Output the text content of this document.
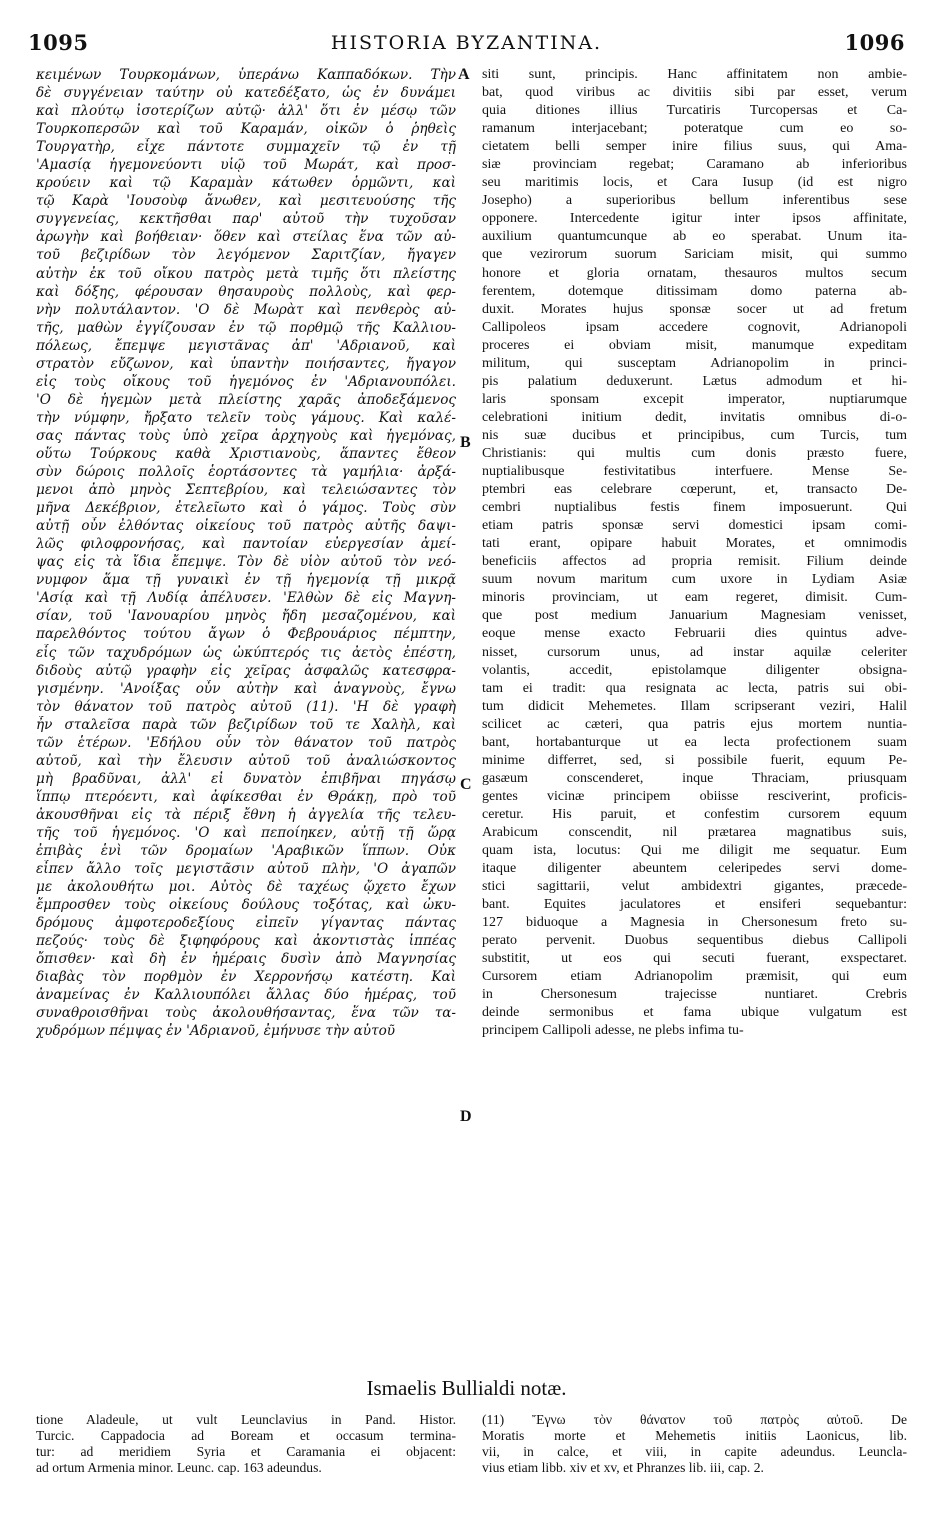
1095	HISTORIA BYZANTINA.	1096
κειμένων Τουρκομάνων, ὑπεράνω Καππαδόκων. Τὴν
δὲ συγγένειαν ταύτην οὐ κατεδέξατο, ὡς ἐν δυνάμει
καὶ πλούτῳ ἰσοτερίζων αὐτῷ· ἀλλ' ὅτι ἐν μέσῳ τῶν
Τουρκοπερσῶν καὶ τοῦ Καραμάν, οἰκῶν ὁ ῥηθεὶς
Τουργατὴρ, εἶχε πάντοτε συμμαχεῖν τῷ ἐν τῇ
'Αμασίᾳ ἡγεμονεύοντι υἱῷ τοῦ Μωράτ, καὶ προσ-
κρούειν καὶ τῷ Καραμὰν κάτωθεν ὁρμῶντι, καὶ
τῷ Καρὰ 'Ιουσοὺφ ἄνωθεν, καὶ μεσιτευούσης τῆς
συγγενείας, κεκτῆσθαι παρ' αὐτοῦ τὴν τυχοῦσαν
ἀρωγὴν καὶ βοήθειαν· ὅθεν καὶ στείλας ἕνα τῶν αὐ-
τοῦ βεζιρίδων τὸν λεγόμενον Σαριτζίαν, ἤγαγεν
αὐτὴν ἐκ τοῦ οἴκου πατρὸς μετὰ τιμῆς ὅτι πλείστης
καὶ δόξης, φέρουσαν θησαυροὺς πολλοὺς, καὶ φερ-
νὴν πολυτάλαντον. 'Ο δὲ Μωρὰτ καὶ πενθερὸς αὐ-
τῆς, μαθὼν ἐγγίζουσαν ἐν τῷ πορθμῷ τῆς Καλλιου-
πόλεως, ἔπεμψε μεγιστᾶνας ἀπ' 'Αδριανοῦ, καὶ
στρατὸν εὔζωνον, καὶ ὑπαντὴν ποιήσαντες, ἤγαγον
εἰς τοὺς οἴκους τοῦ ἡγεμόνος ἐν 'Αδριανουπόλει.
'Ο δὲ ἡγεμὼν μετὰ πλείστης χαρᾶς ἀποδεξάμενος
τὴν νύμφην, ἤρξατο τελεῖν τοὺς γάμους. Καὶ καλέ-
σας πάντας τοὺς ὑπὸ χεῖρα ἀρχηγοὺς καὶ ἡγεμόνας,
οὕτω Τούρκους καθὰ Χριστιανοὺς, ἅπαντες ἔθεον
σὺν δώροις πολλοῖς ἑορτάσοντες τὰ γαμήλια· ἀρξά-
μενοι ἀπὸ μηνὸς Σεπτεβρίου, καὶ τελειώσαντες τὸν
μῆνα Δεκέβριον, ἐτελεῖωτο καὶ ὁ γάμος. Τοὺς σὺν
αὐτῇ οὖν ἐλθόντας οἰκείους τοῦ πατρὸς αὐτῆς δαψι-
λῶς φιλοφρονήσας, καὶ παντοίαν εὐεργεσίαν ἀμεί-
ψας εἰς τὰ ἴδια ἔπεμψε. Τὸν δὲ υἱὸν αὐτοῦ τὸν νεό-
νυμφον ἅμα τῇ γυναικὶ ἐν τῇ ἡγεμονίᾳ τῇ μικρᾷ
'Ασίᾳ καὶ τῇ Λυδίᾳ ἀπέλυσεν. 'Ελθὼν δὲ εἰς Μαγνη-
σίαν, τοῦ 'Ιανουαρίου μηνὸς ἤδη μεσαζομένου, καὶ
παρελθόντος τούτου ἄγων ὁ Φεβρουάριος πέμπτην,
εἷς τῶν ταχυδρόμων ὡς ὠκύπτερός τις ἀετὸς ἐπέστη,
διδοὺς αὐτῷ γραφὴν εἰς χεῖρας ἀσφαλῶς κατεσφρα-
γισμένην. 'Ανοίξας οὖν αὐτὴν καὶ ἀναγνοὺς, ἔγνω
τὸν θάνατον τοῦ πατρὸς αὐτοῦ (11). 'Η δὲ γραφὴ
ἦν σταλεῖσα παρὰ τῶν βεζιρίδων τοῦ τε Χαλὴλ, καὶ
τῶν ἑτέρων. 'Εδήλου οὖν τὸν θάνατον τοῦ πατρὸς
αὐτοῦ, καὶ τὴν ἔλευσιν αὐτοῦ τοῦ ἀναλιώσκοντος
μὴ βραδῦναι, ἀλλ' εἰ δυνατὸν ἐπιβῆναι πηγάσῳ
ἵππῳ πτερόεντι, καὶ ἀφίκεσθαι ἐν Θράκῃ, πρὸ τοῦ
ἀκουσθῆναι εἰς τὰ πέριξ ἔθνη ἡ ἀγγελία τῆς τελευ-
τῆς τοῦ ἡγεμόνος. 'Ο καὶ πεποίηκεν, αὐτῇ τῇ ὥρᾳ
ἐπιβὰς ἑνὶ τῶν δρομαίων 'Αραβικῶν ἵππων. Οὐκ
εἶπεν ἄλλο τοῖς μεγιστᾶσιν αὐτοῦ πλὴν, 'Ο ἀγαπῶν
με ἀκολουθήτω μοι. Αὐτὸς δὲ ταχέως ᾤχετο ἔχων
ἔμπροσθεν τοὺς οἰκείους δούλους τοξότας, καὶ ὠκυ-
δρόμους ἀμφοτεροδεξίους εἰπεῖν γίγαντας πάντας
πεζούς· τοὺς δὲ ξιφηφόρους καὶ ἀκοντιστὰς ἱππέας
ὄπισθεν· καὶ δὴ ἐν ἡμέραις δυσὶν ἀπὸ Μαγνησίας
διαβὰς τὸν πορθμὸν ἐν Χερρονήσῳ κατέστη. Καὶ
ἀναμείνας ἐν Καλλιουπόλει ἄλλας δύο ἡμέρας, τοῦ
συναθροισθῆναι τοὺς ἀκολουθήσαντας, ἕνα τῶν τα-
χυδρόμων πέμψας ἐν 'Αδριανοῦ, ἐμήνυσε τὴν αὐτοῦ
siti sunt, principis. Hanc affinitatem non ambie-
bat, quod viribus ac divitiis sibi par esset, verum
quia ditiones illius Turcatiris Turcopersas et Ca-
ramanum interjacebant; poteratque cum eo so-
cietatem belli semper inire filius suus, qui Ama-
siæ provinciam regebat; Caramano ab inferioribus
seu maritimis locis, et Cara Iusup (id est nigro
Josepho) a superioribus bellum inferentibus sese
opponere. Intercedente igitur inter ipsos affinitate,
auxilium quantumcunque ab eo sperabat. Unum ita-
que vezirorum suorum Sariciam misit, qui summo
honore et gloria ornatam, thesauros multos secum
ferentem, dotemque ditissimam domo paterna ab-
duxit. Morates hujus sponsæ socer ut ad fretum
Callipoleos ipsam accedere cognovit, Adrianopoli
proceres ei obviam misit, manumque expeditam
militum, qui susceptam Adrianopolim in princi-
pis palatium deduxerunt. Lætus admodum et hi-
laris sponsam excepit imperator, nuptiarumque
celebrationi initium dedit, invitatis omnibus di-o-
nis suæ ducibus et principibus, cum Turcis, tum
Christianis: qui multis cum donis præsto fuere,
nuptialibusque festivitatibus interfuere. Mense Se-
ptembri eas celebrare cœperunt, et, transacto De-
cembri nuptialibus festis finem imposuerunt. Qui
etiam patris sponsæ servi domestici ipsam comi-
tati erant, opipare habuit Morates, et omnimodis
beneficiis affectos ad propria remisit. Filium deinde
suum novum maritum cum uxore in Lydiam Asiæ
minoris provinciam, ut eam regeret, dimisit. Cum-
que post medium Januarium Magnesiam venisset,
eoque mense exacto Februarii dies quintus adve-
nisset, cursorum unus, ad instar aquilæ celeriter
volantis, accedit, epistolamque diligenter obsigna-
tam ei tradit: qua resignata ac lecta, patris sui obi-
tum didicit Mehemetes. Illam scripserant veziri, Halil
scilicet ac cæteri, qua patris ejus mortem nuntia-
bant, hortabanturque ut ea lecta profectionem suam
minime differret, sed, si possibile fuerit, equum Pe-
gasæum conscenderet, inque Thraciam, priusquam
gentes vicinæ principem obiisse resciverint, proficis-
ceretur. His paruit, et confestim cursorem equum
Arabicum conscendit, nil prætarea magnatibus suis,
quam ista, locutus: Qui me diligit me sequatur. Eum
itaque diligenter abeuntem celeripedes servi dome-
stici sagittarii, velut ambidextri gigantes, præcede-
bant. Equites jaculatores et ensiferi sequebantur:
127 biduoque a Magnesia in Chersonesum freto su-
perato pervenit. Duobus sequentibus diebus Callipoli
substitit, ut eos qui secuti fuerant, exspectaret.
Cursorem etiam Adrianopolim præmisit, qui eum
in Chersonesum trajecisse nuntiaret. Crebris
deinde sermonibus et fama ubique vulgatum est
principem Callipoli adesse, ne plebs infima tu-
A
B
C
D
Ismaelis Bullialdi notæ.
tione Aladeule, ut vult Leunclavius in Pand. Histor.
Turcic. Cappadocia ad Boream et occasum termina-
tur: ad meridiem Syria et Caramania ei objacent:
ad ortum Armenia minor. Leunc. cap. 163 adeundus.
(11) Ἔγνω τὸν θάνατον τοῦ πατρὸς αὐτοῦ. De
Moratis morte et Mehemetis initiis Laonicus, lib.
vii, in calce, et viii, in capite adeundus. Leuncla-
vius etiam libb. xiv et xv, et Phranzes lib. iii, cap. 2.
